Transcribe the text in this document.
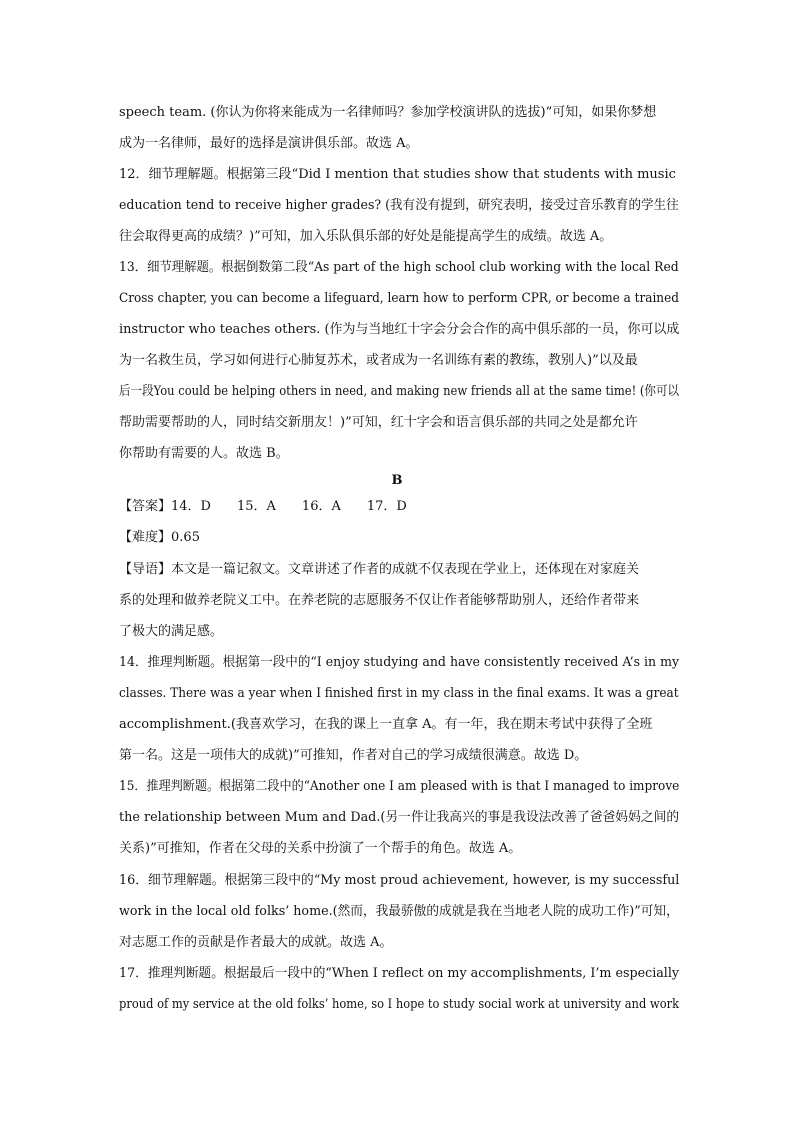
speech team. (你认为你将来能成为一名律师吗？参加学校演讲队的选拔)”可知，如果你梦想
成为一名律师，最好的选择是演讲俱乐部。故选 A。
12．细节理解题。根据第三段“Did I mention that studies show that students with music
education tend to receive higher grades? (我有没有提到，研究表明，接受过音乐教育的学生往
往会取得更高的成绩？)”可知，加入乐队俱乐部的好处是能提高学生的成绩。故选 A。
13．细节理解题。根据倒数第二段“As part of the high school club working with the local Red
Cross chapter, you can become a lifeguard, learn how to perform CPR, or become a trained
instructor who teaches others. (作为与当地红十字会分会合作的高中俱乐部的一员，你可以成
为一名救生员，学习如何进行心肺复苏术，或者成为一名训练有素的教练，教别人)”以及最
后一段You could be helping others in need, and making new friends all at the same time! (你可以
帮助需要帮助的人，同时结交新朋友！)”可知，红十字会和语言俱乐部的共同之处是都允许
你帮助有需要的人。故选 B。
B
【答案】14．D 15．A 16．A 17．D
【难度】0.65
【导语】本文是一篇记叙文。文章讲述了作者的成就不仅表现在学业上，还体现在对家庭关
系的处理和做养老院义工中。在养老院的志愿服务不仅让作者能够帮助别人，还给作者带来
了极大的满足感。
14．推理判断题。根据第一段中的“I enjoy studying and have consistently received A’s in my
classes. There was a year when I finished first in my class in the final exams. It was a great
accomplishment.(我喜欢学习，在我的课上一直拿 A。有一年，我在期末考试中获得了全班
第一名。这是一项伟大的成就)”可推知，作者对自己的学习成绩很满意。故选 D。
15．推理判断题。根据第二段中的“Another one I am pleased with is that I managed to improve
the relationship between Mum and Dad.(另一件让我高兴的事是我设法改善了爸爸妈妈之间的
关系)”可推知，作者在父母的关系中扮演了一个帮手的角色。故选 A。
16．细节理解题。根据第三段中的“My most proud achievement, however, is my successful
work in the local old folks’ home.(然而，我最骄傲的成就是我在当地老人院的成功工作)”可知，
对志愿工作的贡献是作者最大的成就。故选 A。
17．推理判断题。根据最后一段中的“When I reflect on my accomplishments, I’m especially
proud of my service at the old folks’ home, so I hope to study social work at university and work
